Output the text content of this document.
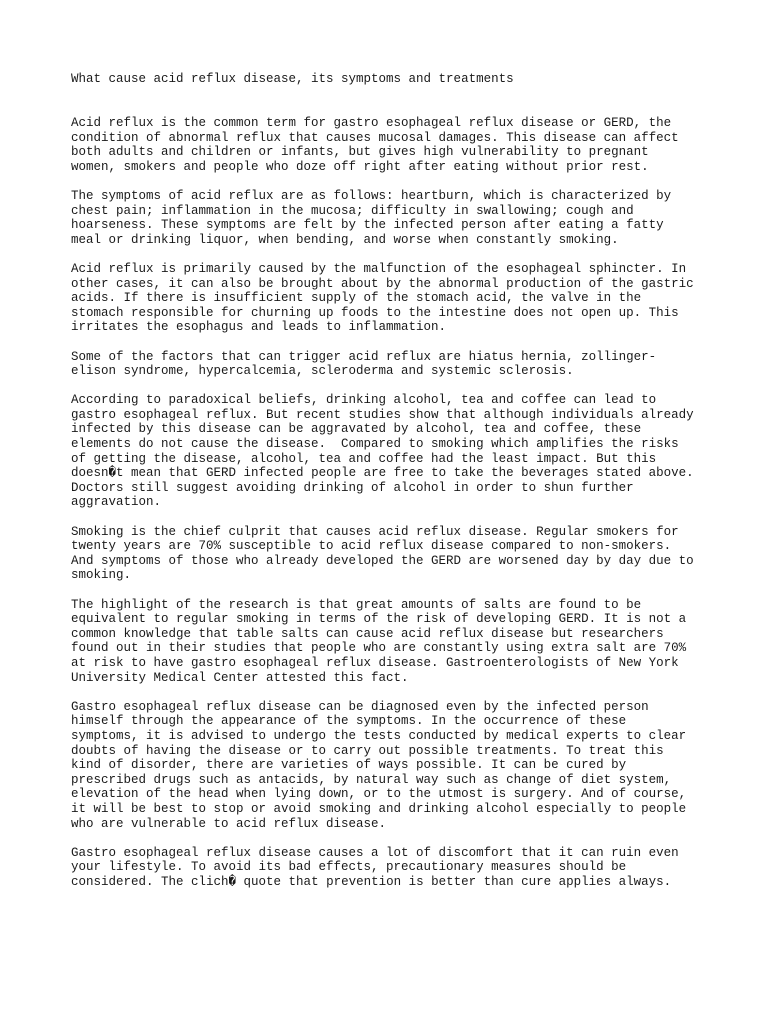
What cause acid reflux disease, its symptoms and treatments

Acid reflux is the common term for gastro esophageal reflux disease or GERD, the
condition of abnormal reflux that causes mucosal damages. This disease can affect
both adults and children or infants, but gives high vulnerability to pregnant
women, smokers and people who doze off right after eating without prior rest.

The symptoms of acid reflux are as follows: heartburn, which is characterized by
chest pain; inflammation in the mucosa; difficulty in swallowing; cough and
hoarseness. These symptoms are felt by the infected person after eating a fatty
meal or drinking liquor, when bending, and worse when constantly smoking.

Acid reflux is primarily caused by the malfunction of the esophageal sphincter. In
other cases, it can also be brought about by the abnormal production of the gastric
acids. If there is insufficient supply of the stomach acid, the valve in the
stomach responsible for churning up foods to the intestine does not open up. This
irritates the esophagus and leads to inflammation.

Some of the factors that can trigger acid reflux are hiatus hernia, zollinger-
elison syndrome, hypercalcemia, scleroderma and systemic sclerosis.

According to paradoxical beliefs, drinking alcohol, tea and coffee can lead to
gastro esophageal reflux. But recent studies show that although individuals already
infected by this disease can be aggravated by alcohol, tea and coffee, these
elements do not cause the disease.  Compared to smoking which amplifies the risks
of getting the disease, alcohol, tea and coffee had the least impact. But this
doesn�t mean that GERD infected people are free to take the beverages stated above.
Doctors still suggest avoiding drinking of alcohol in order to shun further
aggravation.

Smoking is the chief culprit that causes acid reflux disease. Regular smokers for
twenty years are 70% susceptible to acid reflux disease compared to non-smokers.
And symptoms of those who already developed the GERD are worsened day by day due to
smoking.

The highlight of the research is that great amounts of salts are found to be
equivalent to regular smoking in terms of the risk of developing GERD. It is not a
common knowledge that table salts can cause acid reflux disease but researchers
found out in their studies that people who are constantly using extra salt are 70%
at risk to have gastro esophageal reflux disease. Gastroenterologists of New York
University Medical Center attested this fact.

Gastro esophageal reflux disease can be diagnosed even by the infected person
himself through the appearance of the symptoms. In the occurrence of these
symptoms, it is advised to undergo the tests conducted by medical experts to clear
doubts of having the disease or to carry out possible treatments. To treat this
kind of disorder, there are varieties of ways possible. It can be cured by
prescribed drugs such as antacids, by natural way such as change of diet system,
elevation of the head when lying down, or to the utmost is surgery. And of course,
it will be best to stop or avoid smoking and drinking alcohol especially to people
who are vulnerable to acid reflux disease.

Gastro esophageal reflux disease causes a lot of discomfort that it can ruin even
your lifestyle. To avoid its bad effects, precautionary measures should be
considered. The clich� quote that prevention is better than cure applies always.
